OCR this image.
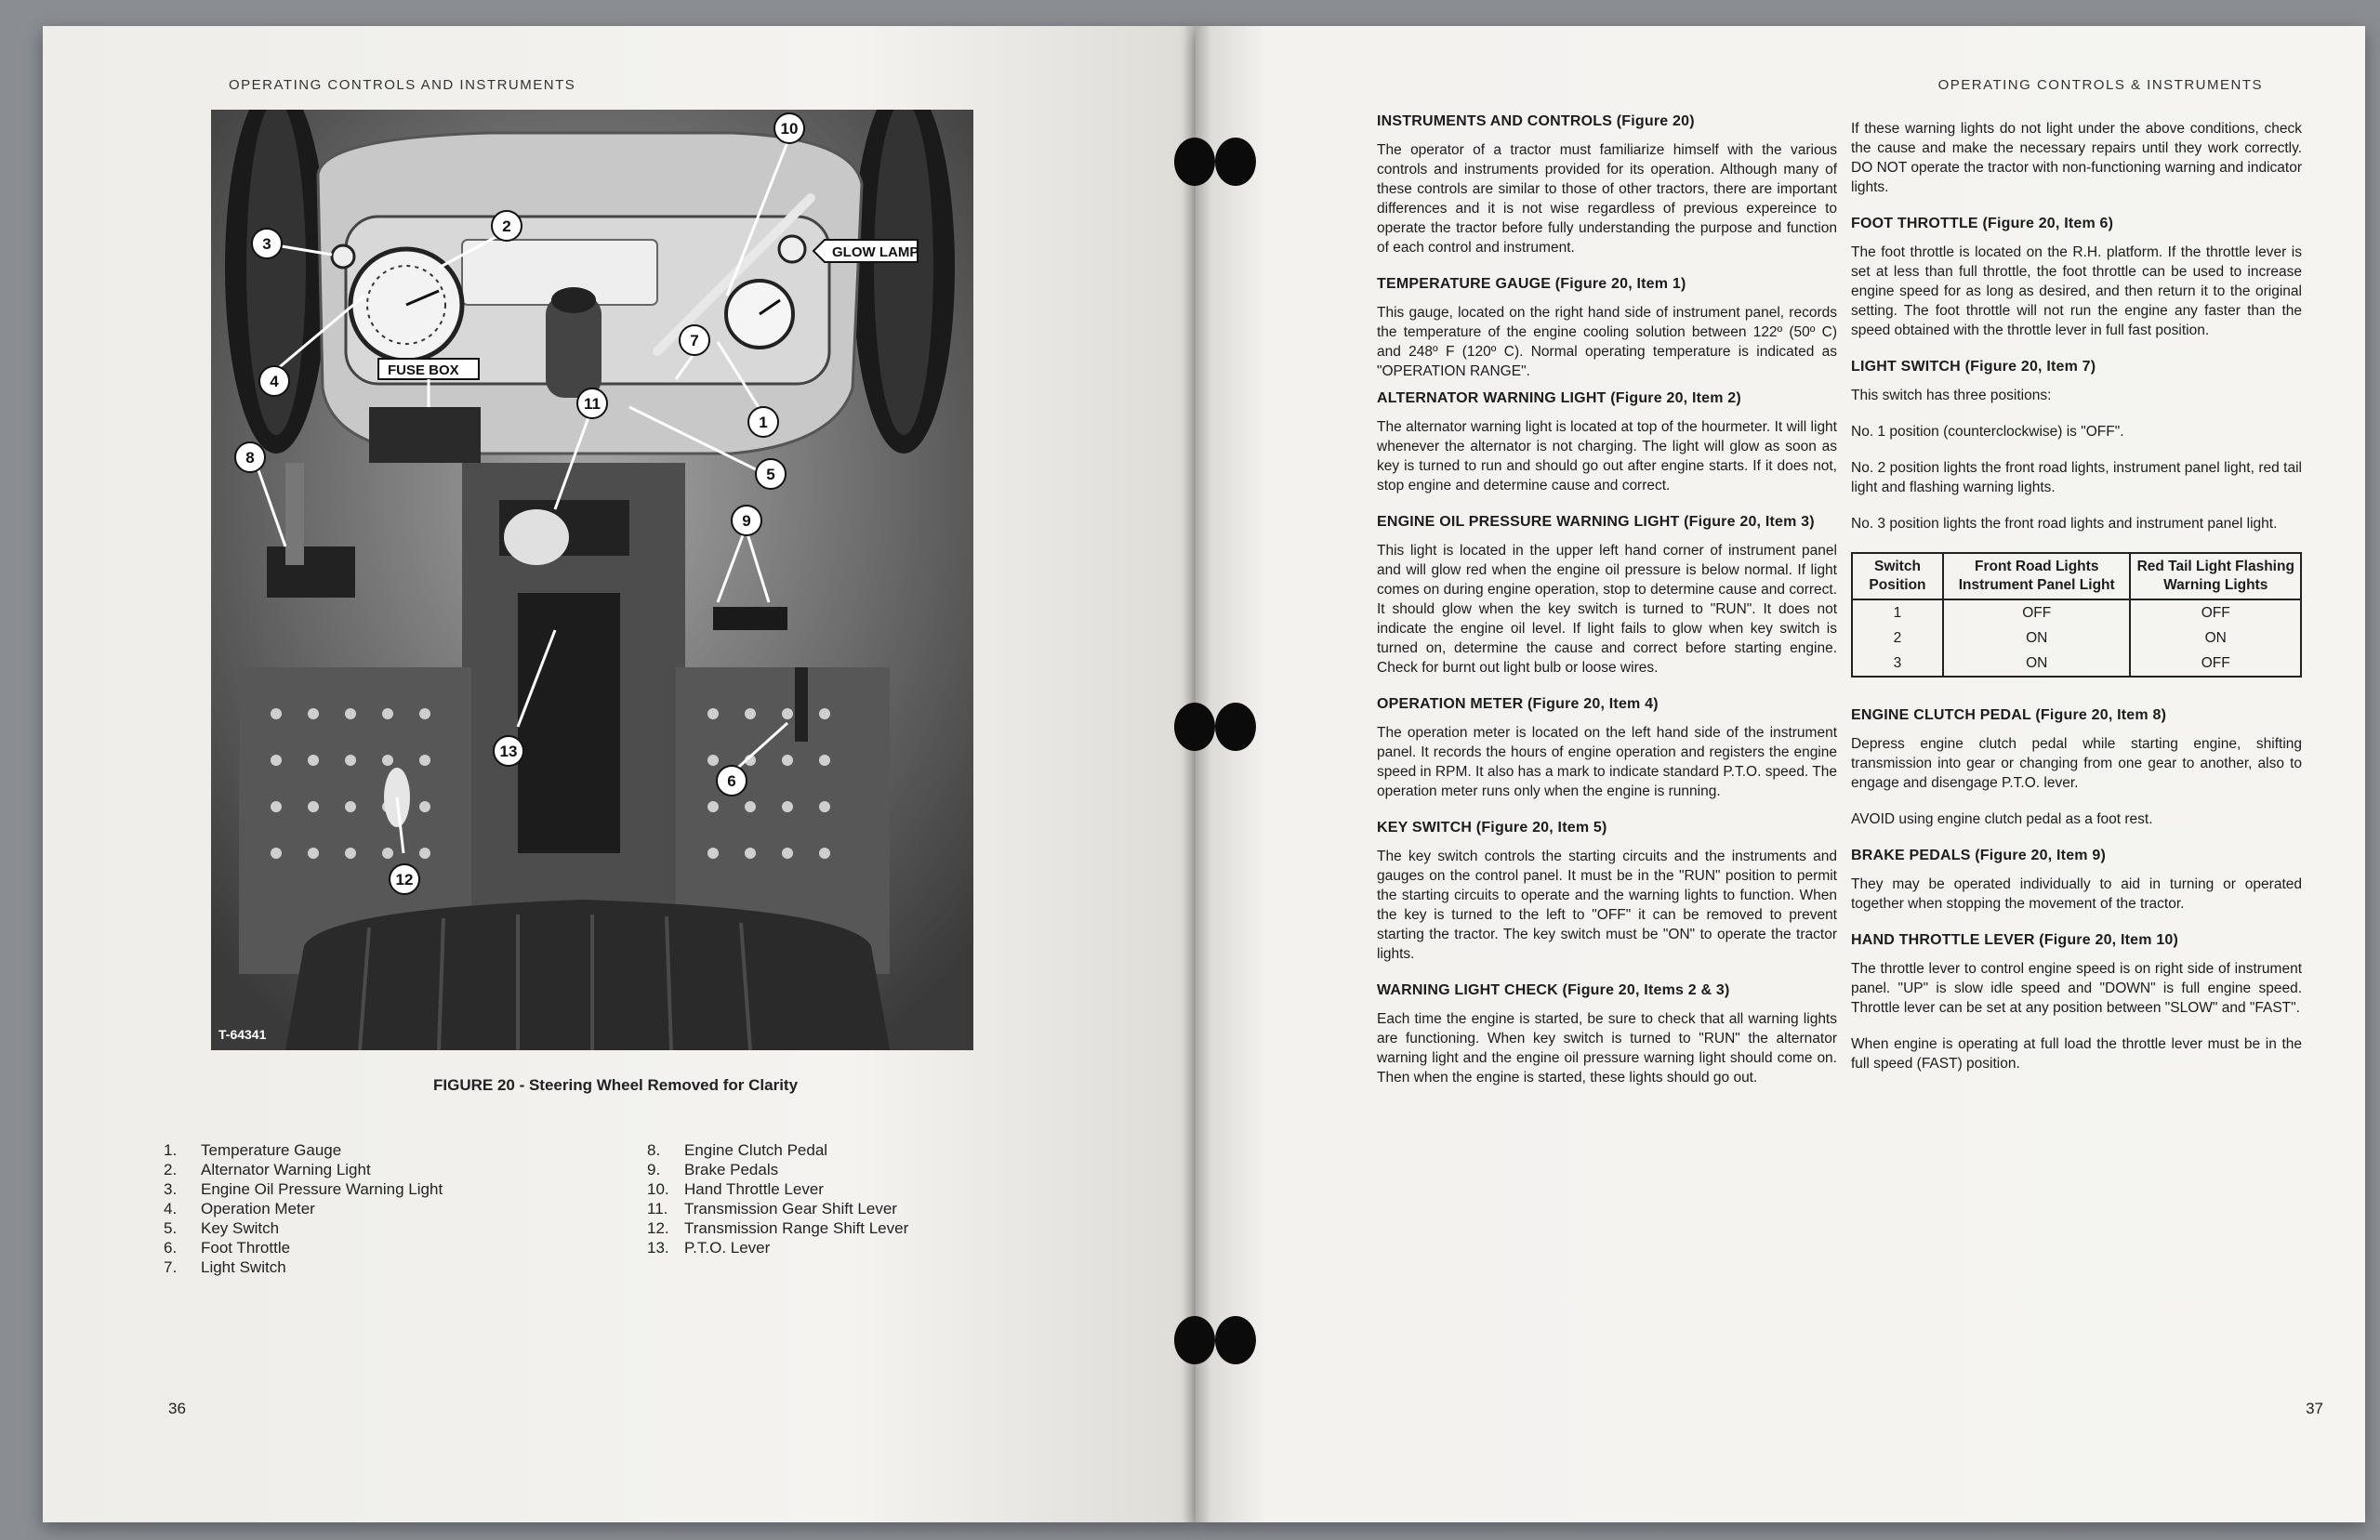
OPERATING CONTROLS AND INSTRUMENTS
GLOW LAMP
FUSE BOX
T-64341
10
2
3
4
1
7
5
11
8
9
13
6
12
FIGURE 20 - Steering Wheel Removed for Clarity
1. Temperature Gauge
2. Alternator Warning Light
3. Engine Oil Pressure Warning Light
4. Operation Meter
5. Key Switch
6. Foot Throttle
7. Light Switch
8. Engine Clutch Pedal
9. Brake Pedals
10. Hand Throttle Lever
11. Transmission Gear Shift Lever
12. Transmission Range Shift Lever
13. P.T.O. Lever
36
OPERATING CONTROLS & INSTRUMENTS
INSTRUMENTS AND CONTROLS (Figure 20)

The operator of a tractor must familiarize himself with the various controls and instruments provided for its operation. Although many of these controls are similar to those of other tractors, there are important differences and it is not wise regardless of previous expereince to operate the tractor before fully understanding the purpose and function of each control and instrument.

TEMPERATURE GAUGE (Figure 20, Item 1)

This gauge, located on the right hand side of instrument panel, records the temperature of the engine cooling solution between 122º (50º C) and 248º F (120º C). Normal operating temperature is indicated as "OPERATION RANGE".

ALTERNATOR WARNING LIGHT (Figure 20, Item 2)

The alternator warning light is located at top of the hourmeter. It will light whenever the alternator is not charging. The light will glow as soon as key is turned to run and should go out after engine starts. If it does not, stop engine and determine cause and correct.

ENGINE OIL PRESSURE WARNING LIGHT (Figure 20, Item 3)

This light is located in the upper left hand corner of instrument panel and will glow red when the engine oil pressure is below normal. If light comes on during engine operation, stop to determine cause and correct. It should glow when the key switch is turned to "RUN". It does not indicate the engine oil level. If light fails to glow when key switch is turned on, determine the cause and correct before starting engine. Check for burnt out light bulb or loose wires.

OPERATION METER (Figure 20, Item 4)

The operation meter is located on the left hand side of the instrument panel. It records the hours of engine operation and registers the engine speed in RPM. It also has a mark to indicate standard P.T.O. speed. The operation meter runs only when the engine is running.

KEY SWITCH (Figure 20, Item 5)

The key switch controls the starting circuits and the instruments and gauges on the control panel. It must be in the "RUN" position to permit the starting circuits to operate and the warning lights to function. When the key is turned to the left to "OFF" it can be removed to prevent starting the tractor. The key switch must be "ON" to operate the tractor lights.

WARNING LIGHT CHECK (Figure 20, Items 2 & 3)

Each time the engine is started, be sure to check that all warning lights are functioning. When key switch is turned to "RUN" the alternator warning light and the engine oil pressure warning light should come on. Then when the engine is started, these lights should go out.

If these warning lights do not light under the above conditions, check the cause and make the necessary repairs until they work correctly. DO NOT operate the tractor with non-functioning warning and indicator lights.

FOOT THROTTLE (Figure 20, Item 6)

The foot throttle is located on the R.H. platform. If the throttle lever is set at less than full throttle, the foot throttle can be used to increase engine speed for as long as desired, and then return it to the original setting. The foot throttle will not run the engine any faster than the speed obtained with the throttle lever in full fast position.

LIGHT SWITCH (Figure 20, Item 7)

This switch has three positions:

No. 1 position (counterclockwise) is "OFF".

No. 2 position lights the front road lights, instrument panel light, red tail light and flashing warning lights.

No. 3 position lights the front road lights and instrument panel light.

Switch Position	Front Road Lights Instrument Panel Light	Red Tail Light Flashing Warning Lights
1	OFF	OFF
2	ON	ON
3	ON	OFF
ENGINE CLUTCH PEDAL (Figure 20, Item 8)

Depress engine clutch pedal while starting engine, shifting transmission into gear or changing from one gear to another, also to engage and disengage P.T.O. lever.

AVOID using engine clutch pedal as a foot rest.

BRAKE PEDALS (Figure 20, Item 9)

They may be operated individually to aid in turning or operated together when stopping the movement of the tractor.

HAND THROTTLE LEVER (Figure 20, Item 10)

The throttle lever to control engine speed is on right side of instrument panel. "UP" is slow idle speed and "DOWN" is full engine speed. Throttle lever can be set at any position between "SLOW" and "FAST".

When engine is operating at full load the throttle lever must be in the full speed (FAST) position.

37
